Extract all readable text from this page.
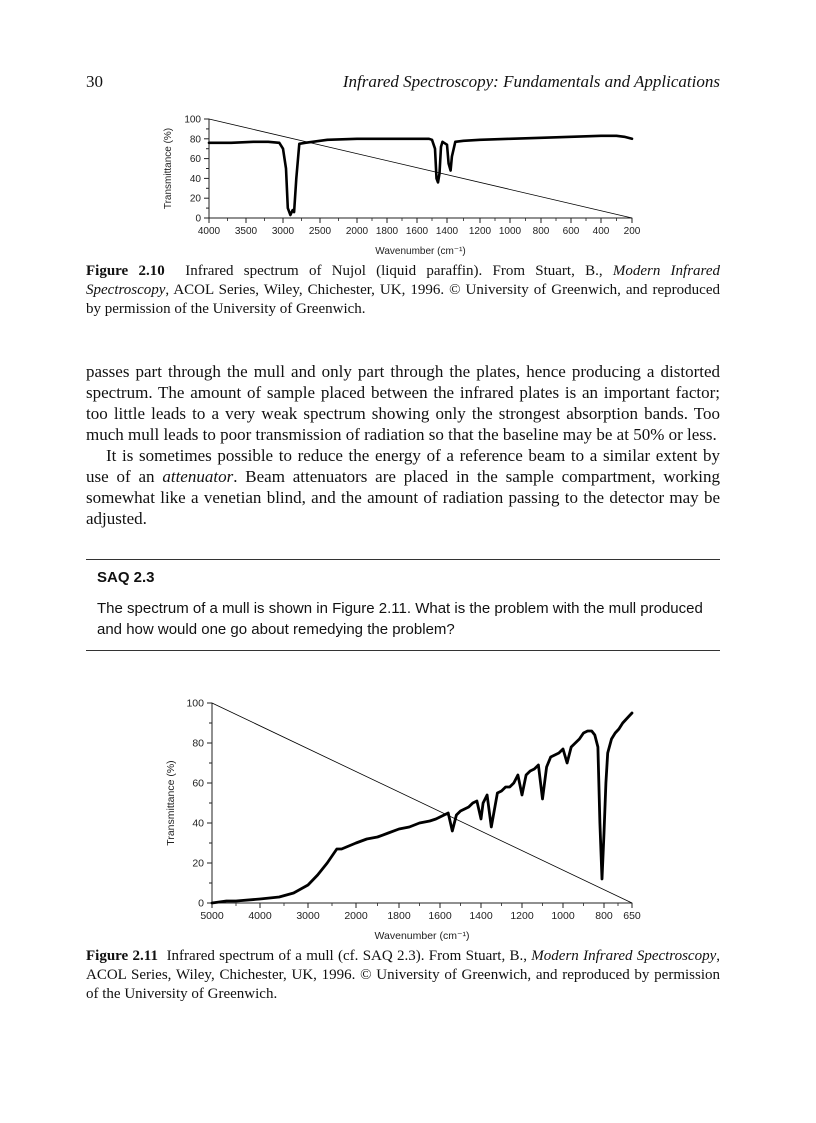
30	Infrared Spectroscopy: Fundamentals and Applications
0
20
40
60
80
100
4000 3500 3000 2500 2000 1800 1600 1400 1200 1000 800 600 400 200
Wavenumber (cm⁻¹)
Transmittance (%)
Figure 2.10 Infrared spectrum of Nujol (liquid paraffin). From Stuart, B., Modern Infrared Spectroscopy, ACOL Series, Wiley, Chichester, UK, 1996. © University of Greenwich, and reproduced by permission of the University of Greenwich.

passes part through the mull and only part through the plates, hence producing a distorted spectrum. The amount of sample placed between the infrared plates is an important factor; too little leads to a very weak spectrum showing only the strongest absorption bands. Too much mull leads to poor transmission of radiation so that the baseline may be at 50% or less.

It is sometimes possible to reduce the energy of a reference beam to a similar extent by use of an attenuator. Beam attenuators are placed in the sample compartment, working somewhat like a venetian blind, and the amount of radiation passing to the detector may be adjusted.

SAQ 2.3
The spectrum of a mull is shown in Figure 2.11. What is the problem with the mull produced and how would one go about remedying the problem?
0
20
40
60
80
100
5000 4000 3000 2000 1800 1600 1400 1200 1000 800 650
Wavenumber (cm⁻¹)
Transmittance (%)
Figure 2.11 Infrared spectrum of a mull (cf. SAQ 2.3). From Stuart, B., Modern Infrared Spectroscopy, ACOL Series, Wiley, Chichester, UK, 1996. © University of Greenwich, and reproduced by permission of the University of Greenwich.
